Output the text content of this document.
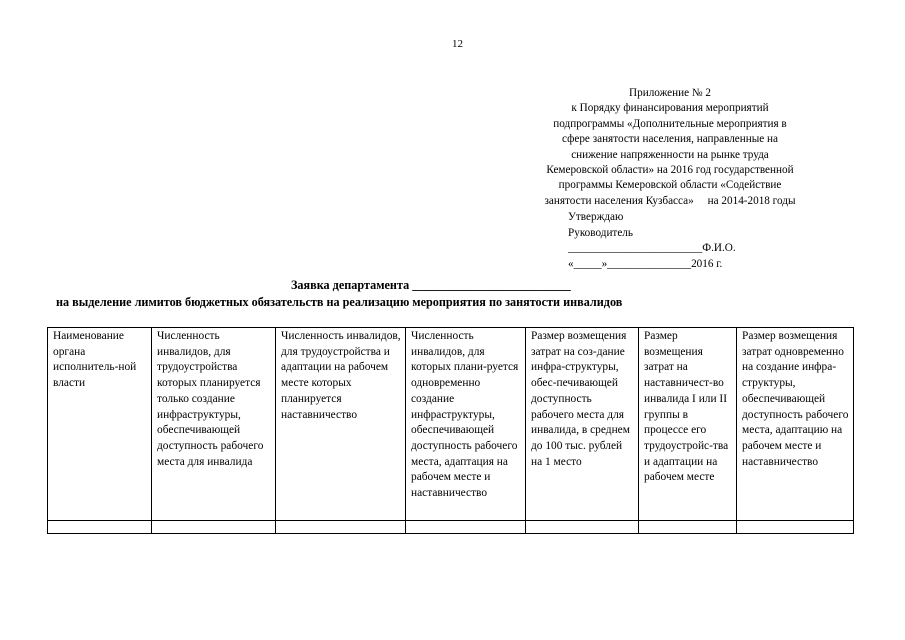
12
Приложение № 2
к Порядку финансирования мероприятий
подпрограммы «Дополнительные мероприятия в
сфере занятости населения, направленные на
снижение напряженности на рынке труда
Кемеровской области» на 2016 год государственной
программы Кемеровской области «Содействие
занятости населения Кузбасса»     на 2014-2018 годы
Утверждаю
Руководитель
________________________Ф.И.О.
«_____»_______________2016 г.
Заявка департамента __________________________
на выделение лимитов бюджетных обязательств на реализацию мероприятия по занятости инвалидов
Наименование органа исполнитель-ной власти	Численность инвалидов, для трудоустройства которых планируется только создание инфраструктуры, обеспечивающей доступность рабочего места для инвалида	Численность инвалидов, для трудоустройства и адаптации на рабочем месте которых планируется наставничество	Численность инвалидов, для которых плани-руется одновременно создание инфраструктуры, обеспечивающей доступность рабочего места, адаптация на рабочем месте и наставничество	Размер возмещения затрат на соз-дание инфра-структуры, обес-печивающей доступность рабочего места для инвалида, в среднем до 100 тыс. рублей на 1 место	Размер возмещения затрат на наставничест-во инвалида I или II группы в процессе его трудоустройс-тва и адаптации на рабочем месте	Размер возмещения затрат одновременно на создание инфра-структуры, обеспечивающей доступность рабочего места, адаптацию на рабочем месте и наставничество
